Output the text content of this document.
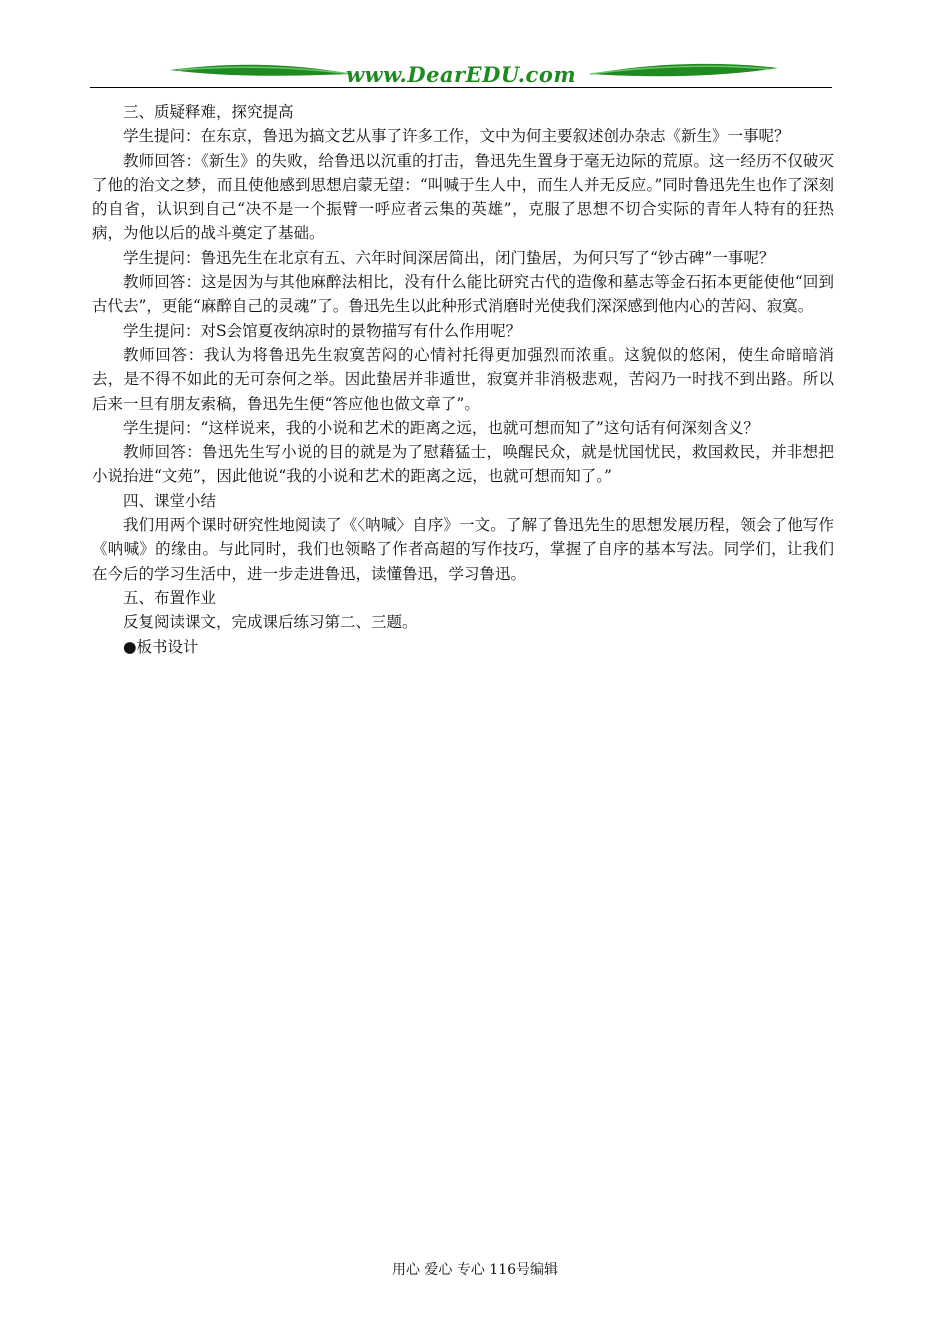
www.DearEDU.com

三、质疑释难，探究提高

学生提问：在东京，鲁迅为搞文艺从事了许多工作，文中为何主要叙述创办杂志《新生》一事呢？

教师回答：《新生》的失败，给鲁迅以沉重的打击，鲁迅先生置身于毫无边际的荒原。这一经历不仅破灭了他的治文之梦，而且使他感到思想启蒙无望：“叫喊于生人中，而生人并无反应。”同时鲁迅先生也作了深刻的自省，认识到自己“决不是一个振臂一呼应者云集的英雄”，克服了思想不切合实际的青年人特有的狂热病，为他以后的战斗奠定了基础。

学生提问：鲁迅先生在北京有五、六年时间深居简出，闭门蛰居，为何只写了“钞古碑”一事呢？

教师回答：这是因为与其他麻醉法相比，没有什么能比研究古代的造像和墓志等金石拓本更能使他“回到古代去”，更能“麻醉自己的灵魂”了。鲁迅先生以此种形式消磨时光使我们深深感到他内心的苦闷、寂寞。

学生提问：对S会馆夏夜纳凉时的景物描写有什么作用呢？

教师回答：我认为将鲁迅先生寂寞苦闷的心情衬托得更加强烈而浓重。这貌似的悠闲，使生命暗暗消去，是不得不如此的无可奈何之举。因此蛰居并非遁世，寂寞并非消极悲观，苦闷乃一时找不到出路。所以后来一旦有朋友索稿，鲁迅先生便“答应他也做文章了”。

学生提问：“这样说来，我的小说和艺术的距离之远，也就可想而知了”这句话有何深刻含义？

教师回答：鲁迅先生写小说的目的就是为了慰藉猛士，唤醒民众，就是忧国忧民，救国救民，并非想把小说抬进“文苑”，因此他说“我的小说和艺术的距离之远，也就可想而知了。”

四、课堂小结

我们用两个课时研究性地阅读了《〈呐喊〉自序》一文。了解了鲁迅先生的思想发展历程，领会了他写作《呐喊》的缘由。与此同时，我们也领略了作者高超的写作技巧，掌握了自序的基本写法。同学们，让我们在今后的学习生活中，进一步走进鲁迅，读懂鲁迅，学习鲁迅。

五、布置作业

反复阅读课文，完成课后练习第二、三题。

●板书设计

用心 爱心 专心 116号编辑
